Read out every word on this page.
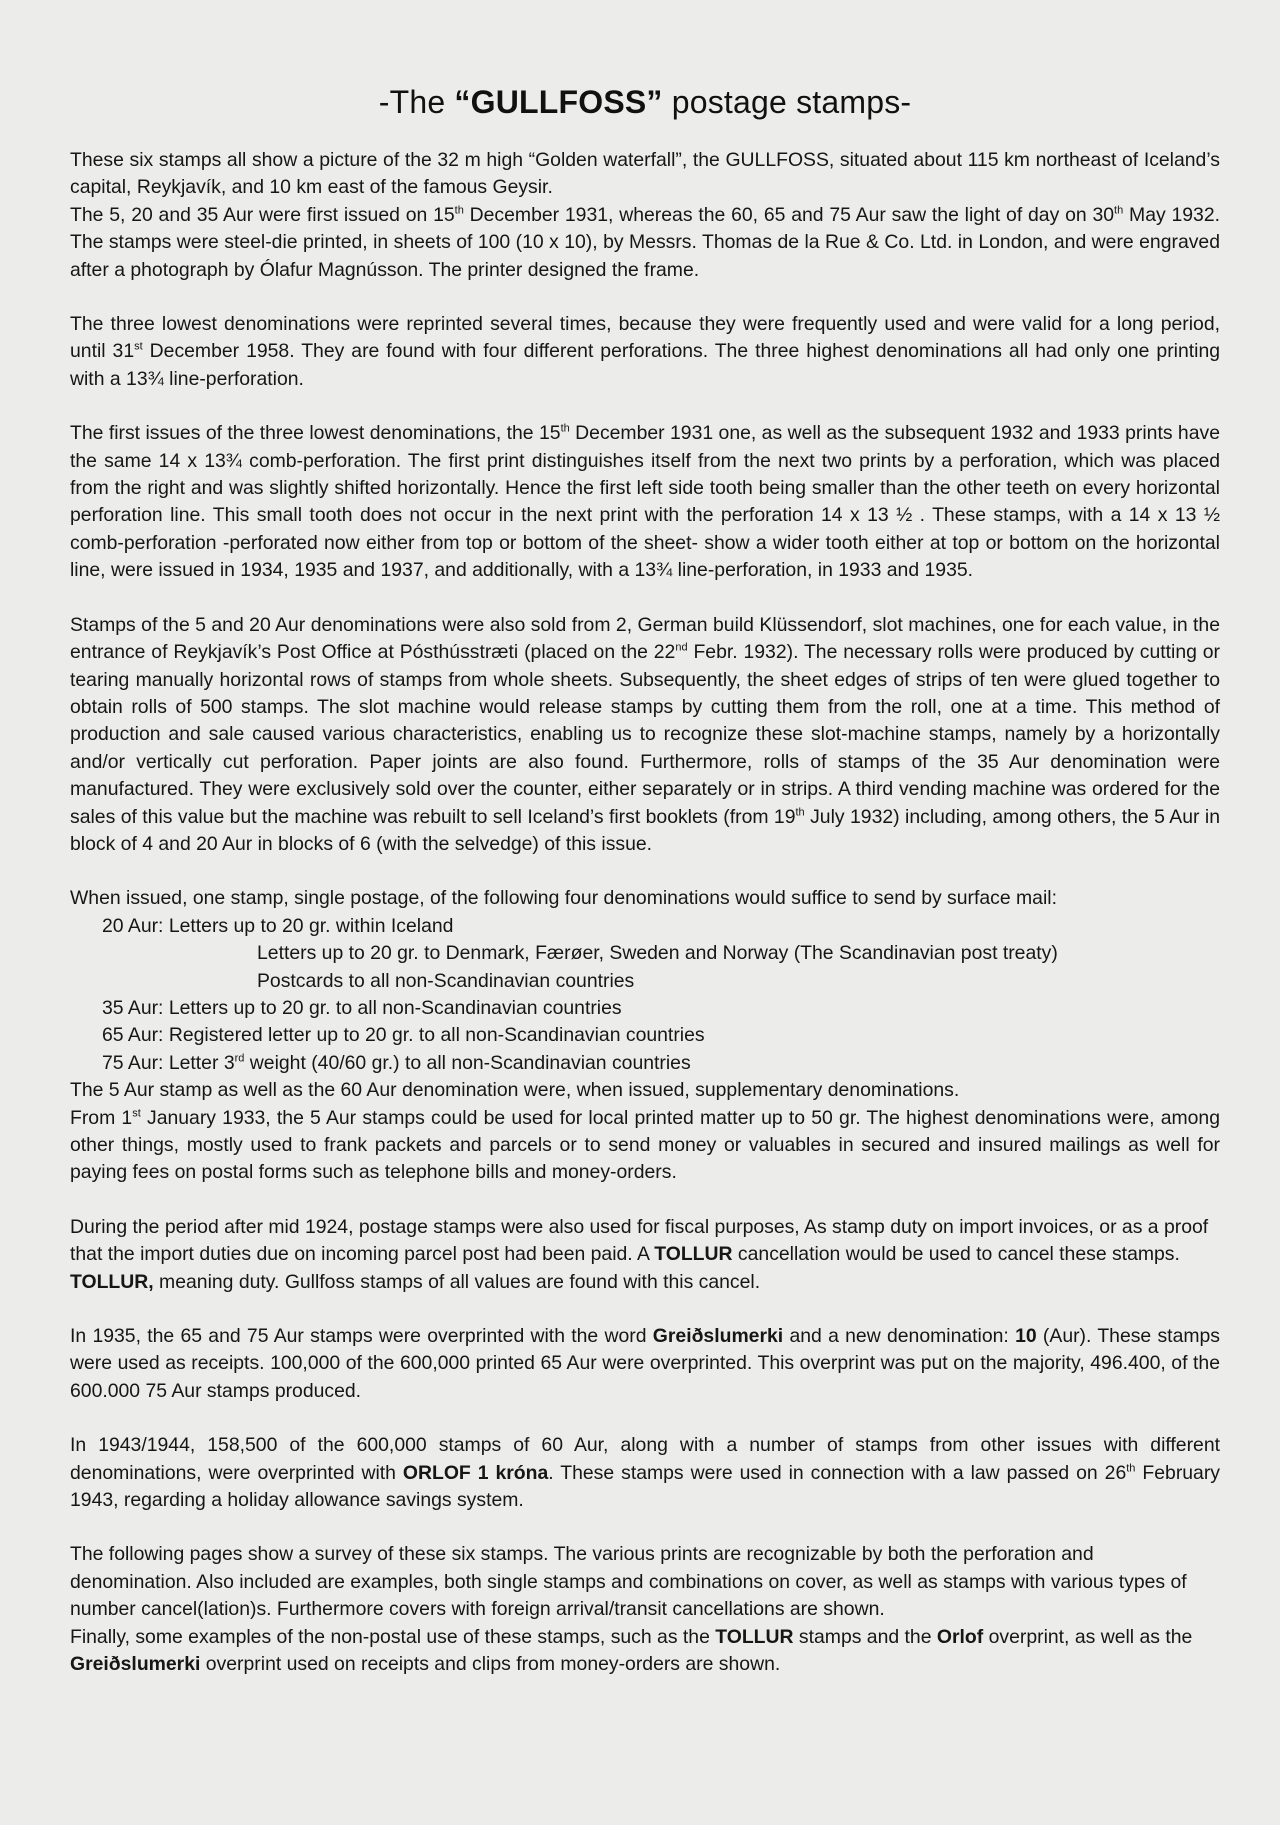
-The “GULLFOSS” postage stamps-

These six stamps all show a picture of the 32 m high “Golden waterfall”, the GULLFOSS, situated about 115 km northeast of Iceland’s capital, Reykjavík, and 10 km east of the famous Geysir.
The 5, 20 and 35 Aur were first issued on 15th December 1931, whereas the 60, 65 and 75 Aur saw the light of day on 30th May 1932. The stamps were steel-die printed, in sheets of 100 (10 x 10), by Messrs. Thomas de la Rue & Co. Ltd. in London, and were engraved after a photograph by Ólafur Magnússon. The printer designed the frame.

The three lowest denominations were reprinted several times, because they were frequently used and were valid for a long period, until 31st December 1958. They are found with four different perforations. The three highest denominations all had only one printing with a 13¾ line-perforation.

The first issues of the three lowest denominations, the 15th December 1931 one, as well as the subsequent 1932 and 1933 prints have the same 14 x 13¾ comb-perforation. The first print distinguishes itself from the next two prints by a perforation, which was placed from the right and was slightly shifted horizontally. Hence the first left side tooth being smaller than the other teeth on every horizontal perforation line. This small tooth does not occur in the next print with the perforation 14 x 13 ½ . These stamps, with a 14 x 13 ½ comb-perforation -perforated now either from top or bottom of the sheet- show a wider tooth either at top or bottom on the horizontal line, were issued in 1934, 1935 and 1937, and additionally, with a 13¾ line-perforation, in 1933 and 1935.

Stamps of the 5 and 20 Aur denominations were also sold from 2, German build Klüssendorf, slot machines, one for each value, in the entrance of Reykjavík’s Post Office at Pósthússtræti (placed on the 22nd Febr. 1932). The necessary rolls were produced by cutting or tearing manually horizontal rows of stamps from whole sheets. Subsequently, the sheet edges of strips of ten were glued together to obtain rolls of 500 stamps. The slot machine would release stamps by cutting them from the roll, one at a time. This method of production and sale caused various characteristics, enabling us to recognize these slot-machine stamps, namely by a horizontally and/or vertically cut perforation. Paper joints are also found. Furthermore, rolls of stamps of the 35 Aur denomination were manufactured. They were exclusively sold over the counter, either separately or in strips. A third vending machine was ordered for the sales of this value but the machine was rebuilt to sell Iceland’s first booklets (from 19th July 1932) including, among others, the 5 Aur in block of 4 and 20 Aur in blocks of 6 (with the selvedge) of this issue.

When issued, one stamp, single postage, of the following four denominations would suffice to send by surface mail:

20 Aur: Letters up to 20 gr. within Iceland
Letters up to 20 gr. to Denmark, Færøer, Sweden and Norway (The Scandinavian post treaty)
Postcards to all non-Scandinavian countries
35 Aur: Letters up to 20 gr. to all non-Scandinavian countries
65 Aur: Registered letter up to 20 gr. to all non-Scandinavian countries
75 Aur: Letter 3rd weight (40/60 gr.) to all non-Scandinavian countries

The 5 Aur stamp as well as the 60 Aur denomination were, when issued, supplementary denominations.

From 1st January 1933, the 5 Aur stamps could be used for local printed matter up to 50 gr. The highest denominations were, among other things, mostly used to frank packets and parcels or to send money or valuables in secured and insured mailings as well for paying fees on postal forms such as telephone bills and money-orders.

During the period after mid 1924, postage stamps were also used for fiscal purposes, As stamp duty on import invoices, or as a proof that the import duties due on incoming parcel post had been paid. A TOLLUR cancellation would be used to cancel these stamps. TOLLUR, meaning duty. Gullfoss stamps of all values are found with this cancel.

In 1935, the 65 and 75 Aur stamps were overprinted with the word Greiðslumerki and a new denomination: 10 (Aur). These stamps were used as receipts. 100,000 of the 600,000 printed 65 Aur were overprinted. This overprint was put on the majority, 496.400, of the 600.000 75 Aur stamps produced.

In 1943/1944, 158,500 of the 600,000 stamps of 60 Aur, along with a number of stamps from other issues with different denominations, were overprinted with ORLOF 1 króna. These stamps were used in connection with a law passed on 26th February 1943, regarding a holiday allowance savings system.

The following pages show a survey of these six stamps. The various prints are recognizable by both the perforation and denomination. Also included are examples, both single stamps and combinations on cover, as well as stamps with various types of number cancel(lation)s. Furthermore covers with foreign arrival/transit cancellations are shown.
Finally, some examples of the non-postal use of these stamps, such as the TOLLUR stamps and the Orlof overprint, as well as the Greiðslumerki overprint used on receipts and clips from money-orders are shown.
